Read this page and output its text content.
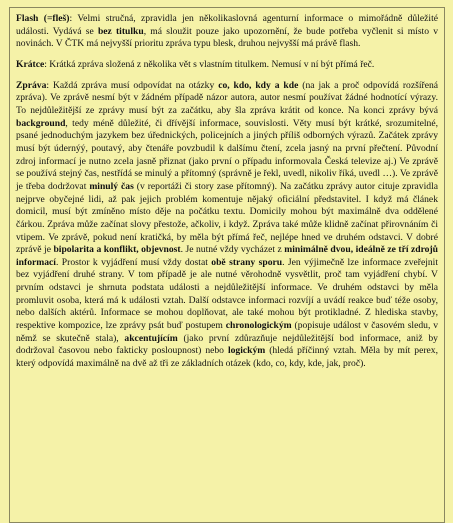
Flash (=fleš): Velmi stručná, zpravidla jen několikaslovná agenturní informace o mimořádně důležité události. Vydává se bez titulku, má sloužit pouze jako upozornění, že bude potřeba vyčlenit si místo v novinách. V ČTK má nejvyšší prioritu zpráva typu blesk, druhou nejvyšší má právě flash.

Krátce: Krátká zpráva složená z několika vět s vlastním titulkem. Nemusí v ní být přímá řeč.

Zpráva: Každá zpráva musí odpovídat na otázky co, kdo, kdy a kde (na jak a proč odpovídá rozšířená zpráva). Ve zprávě nesmí být v žádném případě názor autora, autor nesmí používat žádné hodnotící výrazy. To nejdůležitější ze zprávy musí být za začátku, aby šla zpráva krátit od konce. Na konci zprávy bývá background, tedy méně důležité, či dřívější informace, souvislosti. Věty musí být krátké, srozumitelné, psané jednoduchým jazykem bez úřednických, policejních a jiných příliš odborných výrazů. Začátek zprávy musí být údernýý, poutavý, aby čtenáře povzbudil k dalšímu čtení, zcela jasný na první přečtení. Původní zdroj informací je nutno zcela jasně přiznat (jako první o případu informovala Česká televize aj.) Ve zprávě se používá stejný čas, nestřídá se minulý a přítomný (správně je řekl, uvedl, nikoliv říká, uvedl …). Ve zprávě je třeba dodržovat minulý čas (v reportáži či story zase přítomný). Na začátku zprávy autor cituje zpravidla nejprve obyčejné lidi, až pak jejich problém komentuje nějaký oficiální představitel. I když má článek domicil, musí být zmíněno místo děje na počátku textu. Domicily mohou být maximálně dva oddělené čárkou. Zpráva může začínat slovy přestože, ačkoliv, i když. Zpráva také může klidně začínat přirovnáním či vtipem. Ve zprávě, pokud není kratičká, by měla být přímá řeč, nejlépe hned ve druhém odstavci. V dobré zprávě je bipolarita a konflikt, objevnost. Je nutné vždy vycházet z minimálně dvou, ideálně ze tří zdrojů informací. Prostor k vyjádření musí vždy dostat obě strany sporu. Jen výjimečně lze informace zveřejnit bez vyjádření druhé strany. V tom případě je ale nutné věrohodně vysvětlit, proč tam vyjádření chybí. V prvním odstavci je shrnuta podstata události a nejdůležitější informace. Ve druhém odstavci by měla promluvit osoba, která má k události vztah. Další odstavce informaci rozvíjí a uvádí reakce buď téže osoby, nebo dalších aktérů. Informace se mohou doplňovat, ale také mohou být protikladné. Z hlediska stavby, respektive kompozice, lze zprávy psát buď postupem chronologickým (popisuje událost v časovém sledu, v němž se skutečně stala), akcentujícím (jako první zdůrazňuje nejdůležitější bod informace, aniž by dodržoval časovou nebo fakticky posloupnost) nebo logickým (hledá příčinný vztah. Měla by mít perex, který odpovídá maximálně na dvě až tři ze základních otázek (kdo, co, kdy, kde, jak, proč).
